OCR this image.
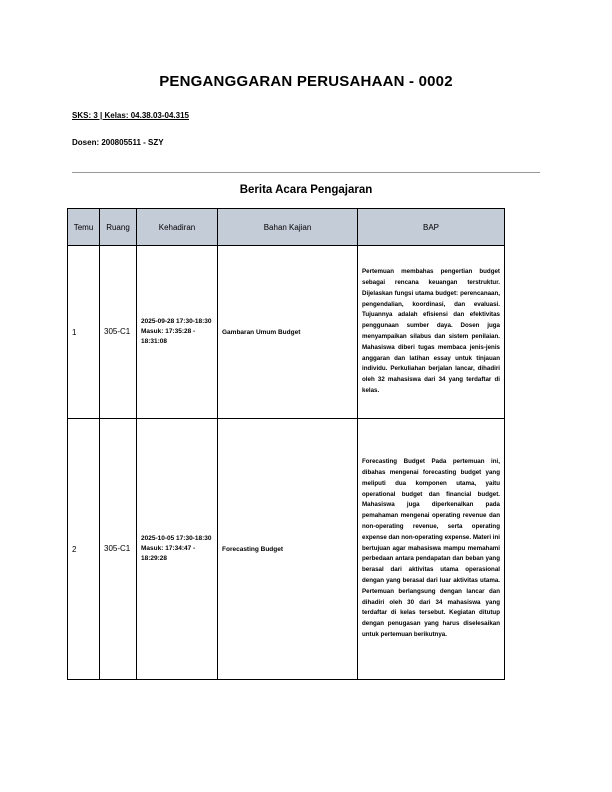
PENGANGGARAN PERUSAHAAN - 0002
SKS: 3 | Kelas: 04.38.03-04.315
Dosen: 200805511 - SZY
Berita Acara Pengajaran
Temu	Ruang	Kehadiran	Bahan Kajian	BAP
1	305-C1	2025-09-28 17:30-18:30 Masuk: 17:35:28 - 18:31:08	Gambaran Umum Budget	Pertemuan membahas pengertian budget sebagai rencana keuangan terstruktur. Dijelaskan fungsi utama budget: perencanaan, pengendalian, koordinasi, dan evaluasi. Tujuannya adalah efisiensi dan efektivitas penggunaan sumber daya. Dosen juga menyampaikan silabus dan sistem penilaian. Mahasiswa diberi tugas membaca jenis-jenis anggaran dan latihan essay untuk tinjauan individu. Perkuliahan berjalan lancar, dihadiri oleh 32 mahasiswa dari 34 yang terdaftar di kelas.
2	305-C1	2025-10-05 17:30-18:30 Masuk: 17:34:47 - 18:29:28	Forecasting Budget	Forecasting Budget Pada pertemuan ini, dibahas mengenai forecasting budget yang meliputi dua komponen utama, yaitu operational budget dan financial budget. Mahasiswa juga diperkenalkan pada pemahaman mengenai operating revenue dan non-operating revenue, serta operating expense dan non-operating expense. Materi ini bertujuan agar mahasiswa mampu memahami perbedaan antara pendapatan dan beban yang berasal dari aktivitas utama operasional dengan yang berasal dari luar aktivitas utama. Pertemuan berlangsung dengan lancar dan dihadiri oleh 30 dari 34 mahasiswa yang terdaftar di kelas tersebut. Kegiatan ditutup dengan penugasan yang harus diselesaikan untuk pertemuan berikutnya.
